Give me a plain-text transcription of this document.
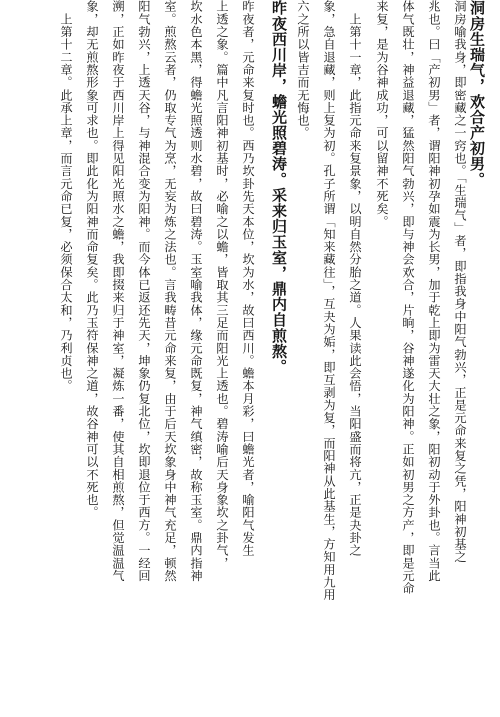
洞房生瑞气，欢合产初男。
洞房喻我身，即密藏之一窍也。「生瑞气」者，即指我身中阳气勃兴，正是元命来复之凭，阳神初基之
兆也。曰「产初男」者，谓阳神初孕如震为长男，加于乾上即为雷天大壮之象，阳初动于外卦也。言当此
体气既壮，神益退藏，猛然阳气勃兴，即与神会欢合，片晌，谷神遂化为阳神。正如初男之方产，即是元命
来复，是为谷神成功，可以留神不死矣。
　上第十一章，此指元命来复景象，以明自然分胎之道。人果读此会悟，当阳盛而将亢，正是夬卦之
象，急自退藏，则上复为初。孔子所谓「知来藏往」，互夬为姤，即互剥为复，而阳神从此基生，方知用九用
六之所以皆吉而无悔也。
昨夜西川岸，蟾光照碧涛。采来归玉室，鼎内自煎熬。
昨夜者，元命来复时也。西乃坎卦先天本位，坎为水，故曰西川。蟾本月彩，曰蟾光者，喻阳气发生
上透之象。篇中凡言阳神初基时，必喻之以蟾，皆取其三足而阳光上透也。碧涛喻后天身象坎之卦气，
坎水色本黑，得蟾光照透则水碧，故曰碧涛。玉室喻我体，缘元命既复，神气缜密，故称玉室。鼎内指神
室。煎熬云者，仍取专气为烹，无妄为炼之法也。言我畴昔元命来复，由于后天坎象身中神气充足，顿然
阳气勃兴，上透天谷，与神混合变为阳神。而今体已返还先天，坤象仍复北位，坎即退位于西方。一经回
溯，正如昨夜于西川岸上得见阳光照水之蟾，我即掇来归于神室，凝炼一番，使其自相煎熬，但觉温温气
象，却无煎熬形象可求也。即此化为阳神而命复矣。此乃玉符保神之道，故谷神可以不死也。
　上第十二章。此承上章，而言元命已复，必须保合太和，乃利贞也。
